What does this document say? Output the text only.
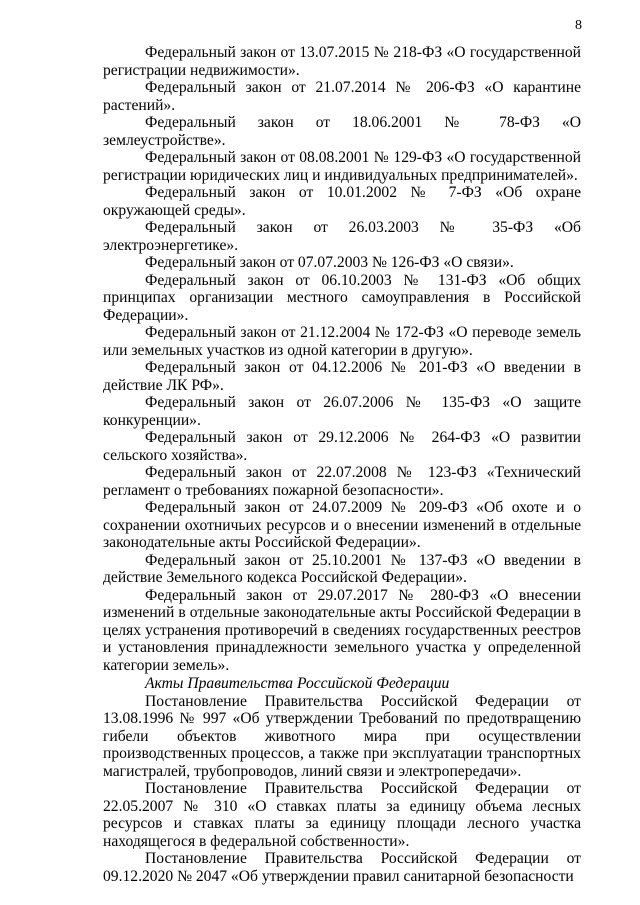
8

Федеральный закон от 13.07.2015 № 218-ФЗ «О государственной регистрации недвижимости».

Федеральный закон от 21.07.2014 № 206-ФЗ «О карантине растений».

Федеральный закон от 18.06.2001 № 78-ФЗ «О землеустройстве».

Федеральный закон от 08.08.2001 № 129-ФЗ «О государственной регистрации юридических лиц и индивидуальных предпринимателей».

Федеральный закон от 10.01.2002 № 7-ФЗ «Об охране окружающей среды».

Федеральный закон от 26.03.2003 № 35-ФЗ «Об электроэнергетике».

Федеральный закон от 07.07.2003 № 126-ФЗ «О связи».

Федеральный закон от 06.10.2003 № 131-ФЗ «Об общих принципах организации местного самоуправления в Российской Федерации».

Федеральный закон от 21.12.2004 № 172-ФЗ «О переводе земель или земельных участков из одной категории в другую».

Федеральный закон от 04.12.2006 № 201-ФЗ «О введении в действие ЛК РФ».

Федеральный закон от 26.07.2006 № 135-ФЗ «О защите конкуренции».

Федеральный закон от 29.12.2006 № 264-ФЗ «О развитии сельского хозяйства».

Федеральный закон от 22.07.2008 № 123-ФЗ «Технический регламент о требованиях пожарной безопасности».

Федеральный закон от 24.07.2009 № 209-ФЗ «Об охоте и о сохранении охотничьих ресурсов и о внесении изменений в отдельные законодательные акты Российской Федерации».

Федеральный закон от 25.10.2001 № 137-ФЗ «О введении в действие Земельного кодекса Российской Федерации».

Федеральный закон от 29.07.2017 № 280-ФЗ «О внесении изменений в отдельные законодательные акты Российской Федерации в целях устранения противоречий в сведениях государственных реестров и установления принадлежности земельного участка у определенной категории земель».

Акты Правительства Российской Федерации

Постановление Правительства Российской Федерации от 13.08.1996 № 997 «Об утверждении Требований по предотвращению гибели объектов животного мира при осуществлении производственных процессов, а также при эксплуатации транспортных магистралей, трубопроводов, линий связи и электропередачи».

Постановление Правительства Российской Федерации от 22.05.2007 № 310 «О ставках платы за единицу объема лесных ресурсов и ставках платы за единицу площади лесного участка находящегося в федеральной собственности».

Постановление Правительства Российской Федерации от 09.12.2020 № 2047 «Об утверждении правил санитарной безопасности
